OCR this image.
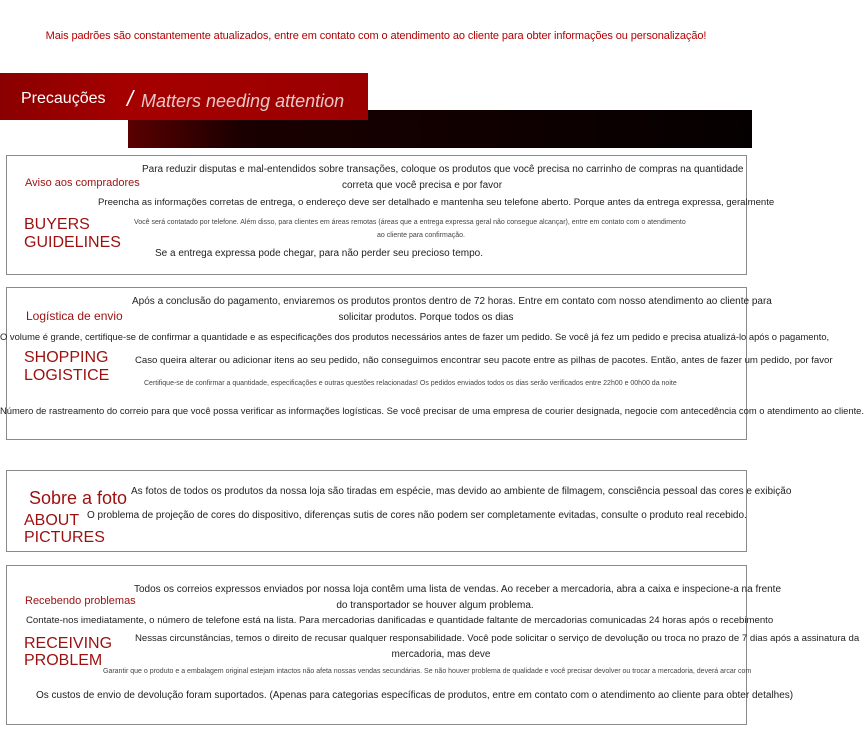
Mais padrões são constantemente atualizados, entre em contato com o atendimento ao cliente para obter informações ou personalização!
Precauções / Matters needing attention
Aviso aos compradores
BUYERS
GUIDELINES
Para reduzir disputas e mal-entendidos sobre transações, coloque os produtos que você precisa no carrinho de compras na quantidade
correta que você precisa e por favor
Preencha as informações corretas de entrega, o endereço deve ser detalhado e mantenha seu telefone aberto. Porque antes da entrega expressa, geralmente
Você será contatado por telefone. Além disso, para clientes em áreas remotas (áreas que a entrega expressa geral não consegue alcançar), entre em contato com o atendimento
ao cliente para confirmação.
Se a entrega expressa pode chegar, para não perder seu precioso tempo.
Logística de envio
SHOPPING
LOGISTICE
Após a conclusão do pagamento, enviaremos os produtos prontos dentro de 72 horas. Entre em contato com nosso atendimento ao cliente para
solicitar produtos. Porque todos os dias
O volume é grande, certifique-se de confirmar a quantidade e as especificações dos produtos necessários antes de fazer um pedido. Se você já fez um pedido e precisa atualizá-lo após o pagamento,
Caso queira alterar ou adicionar itens ao seu pedido, não conseguimos encontrar seu pacote entre as pilhas de pacotes. Então, antes de fazer um pedido, por favor
Certifique-se de confirmar a quantidade, especificações e outras questões relacionadas! Os pedidos enviados todos os dias serão verificados entre 22h00 e 00h00 da noite
Número de rastreamento do correio para que você possa verificar as informações logísticas. Se você precisar de uma empresa de courier designada, negocie com antecedência com o atendimento ao cliente.
Sobre a foto
ABOUT
PICTURES
As fotos de todos os produtos da nossa loja são tiradas em espécie, mas devido ao ambiente de filmagem, consciência pessoal das cores e exibição
O problema de projeção de cores do dispositivo, diferenças sutis de cores não podem ser completamente evitadas, consulte o produto real recebido.
Recebendo problemas
RECEIVING
PROBLEM
Todos os correios expressos enviados por nossa loja contêm uma lista de vendas. Ao receber a mercadoria, abra a caixa e inspecione-a na frente
do transportador se houver algum problema.
Contate-nos imediatamente, o número de telefone está na lista. Para mercadorias danificadas e quantidade faltante de mercadorias comunicadas 24 horas após o recebimento
Nessas circunstâncias, temos o direito de recusar qualquer responsabilidade. Você pode solicitar o serviço de devolução ou troca no prazo de 7 dias após a assinatura da
mercadoria, mas deve
Garantir que o produto e a embalagem original estejam intactos não afeta nossas vendas secundárias. Se não houver problema de qualidade e você precisar devolver ou trocar a mercadoria, deverá arcar com
Os custos de envio de devolução foram suportados. (Apenas para categorias específicas de produtos, entre em contato com o atendimento ao cliente para obter detalhes)
